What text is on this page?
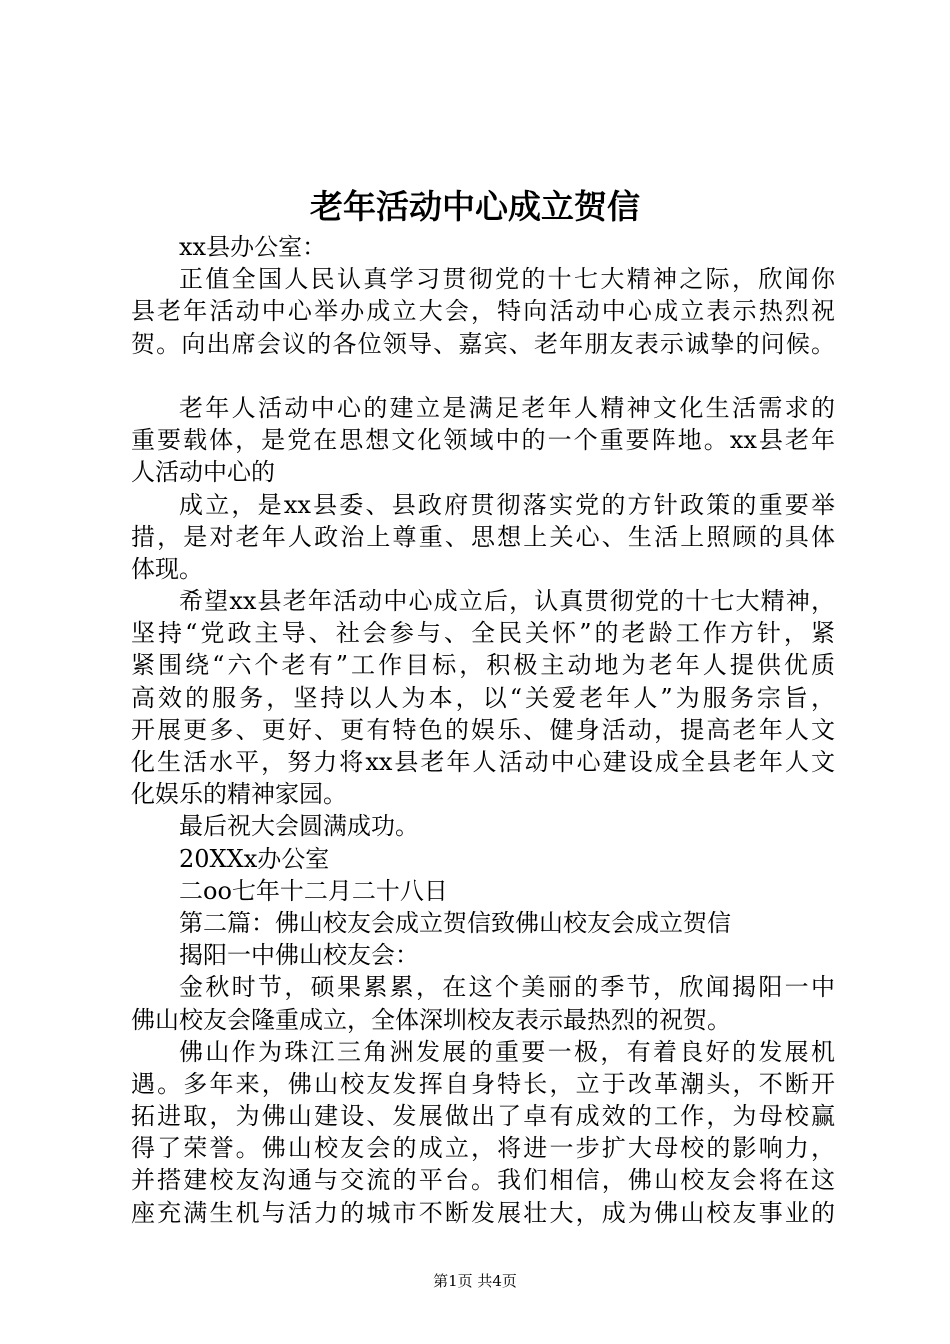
老年活动中心成立贺信
xx县办公室：
正值全国人民认真学习贯彻党的十七大精神之际，欣闻你
县老年活动中心举办成立大会，特向活动中心成立表示热烈祝
贺。向出席会议的各位领导、嘉宾、老年朋友表示诚挚的问候。
老年人活动中心的建立是满足老年人精神文化生活需求的
重要载体，是党在思想文化领域中的一个重要阵地。xx县老年
人活动中心的
成立，是xx县委、县政府贯彻落实党的方针政策的重要举
措，是对老年人政治上尊重、思想上关心、生活上照顾的具体
体现。
希望xx县老年活动中心成立后，认真贯彻党的十七大精神，
坚持“党政主导、社会参与、全民关怀”的老龄工作方针，紧
紧围绕“六个老有”工作目标，积极主动地为老年人提供优质
高效的服务，坚持以人为本，以“关爱老年人”为服务宗旨，
开展更多、更好、更有特色的娱乐、健身活动，提高老年人文
化生活水平，努力将xx县老年人活动中心建设成全县老年人文
化娱乐的精神家园。
最后祝大会圆满成功。
20XXx办公室
二oo七年十二月二十八日
第二篇：佛山校友会成立贺信致佛山校友会成立贺信
揭阳一中佛山校友会：
金秋时节，硕果累累，在这个美丽的季节，欣闻揭阳一中
佛山校友会隆重成立，全体深圳校友表示最热烈的祝贺。
佛山作为珠江三角洲发展的重要一极，有着良好的发展机
遇。多年来，佛山校友发挥自身特长，立于改革潮头，不断开
拓进取，为佛山建设、发展做出了卓有成效的工作，为母校赢
得了荣誉。佛山校友会的成立，将进一步扩大母校的影响力，
并搭建校友沟通与交流的平台。我们相信，佛山校友会将在这
座充满生机与活力的城市不断发展壮大，成为佛山校友事业的
第1页 共4页
